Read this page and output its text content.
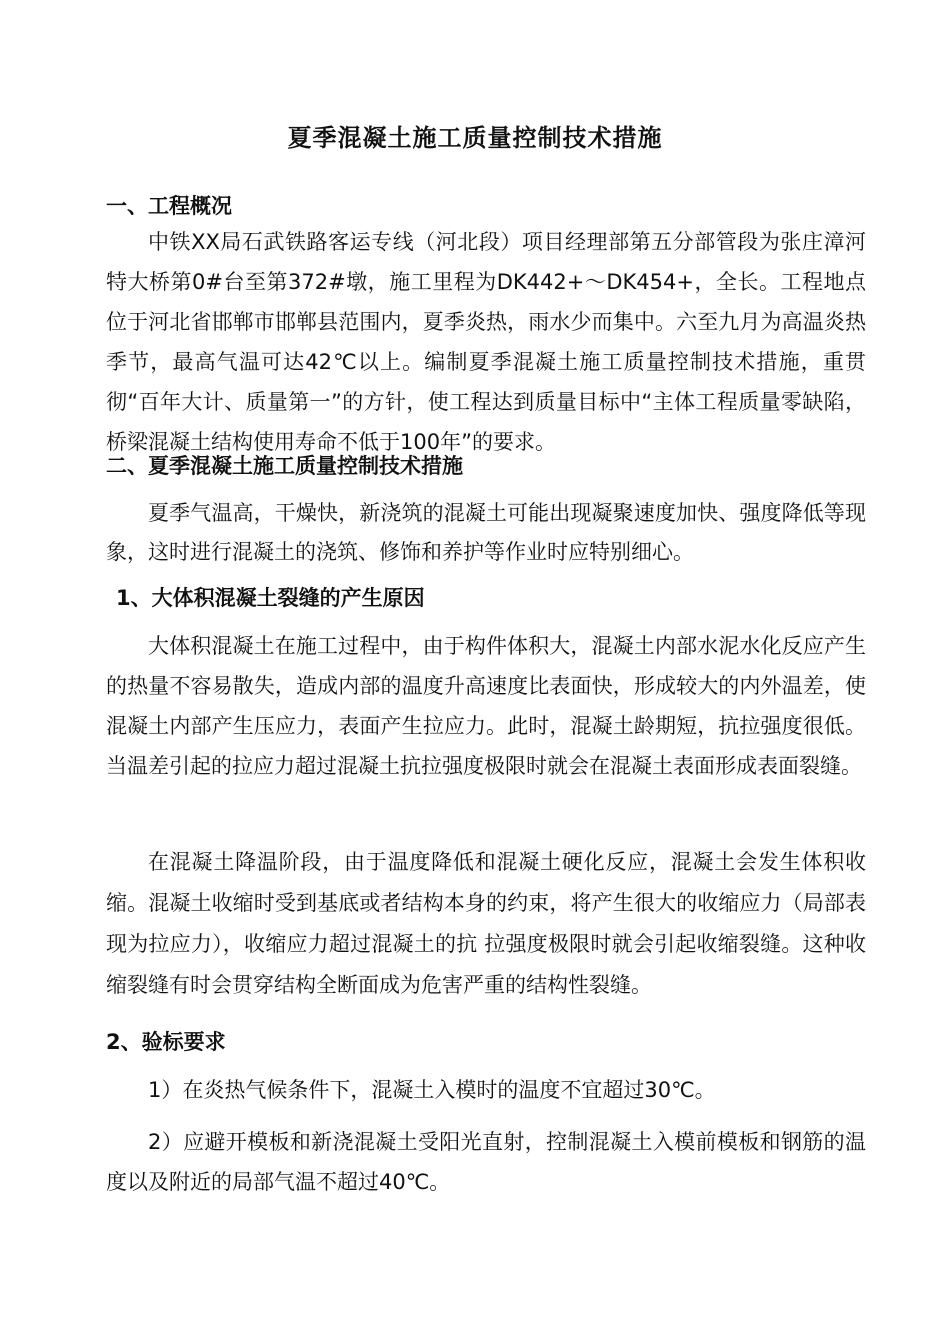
夏季混凝土施工质量控制技术措施
一、工程概况

中铁XX局石武铁路客运专线（河北段）项目经理部第五分部管段为张庄漳河特大桥第0#台至第372#墩，施工里程为DK442+～DK454+，全长。工程地点位于河北省邯郸市邯郸县范围内，夏季炎热，雨水少而集中。六至九月为高温炎热季节，最高气温可达42℃以上。编制夏季混凝土施工质量控制技术措施，重贯彻“百年大计、质量第一”的方针，使工程达到质量目标中“主体工程质量零缺陷，桥梁混凝土结构使用寿命不低于100年”的要求。

二、夏季混凝土施工质量控制技术措施

夏季气温高，干燥快，新浇筑的混凝土可能出现凝聚速度加快、强度降低等现象，这时进行混凝土的浇筑、修饰和养护等作业时应特别细心。

1、大体积混凝土裂缝的产生原因

大体积混凝土在施工过程中，由于构件体积大，混凝土内部水泥水化反应产生的热量不容易散失，造成内部的温度升高速度比表面快，形成较大的内外温差，使混凝土内部产生压应力，表面产生拉应力。此时，混凝土龄期短，抗拉强度很低。当温差引起的拉应力超过混凝土抗拉强度极限时就会在混凝土表面形成表面裂缝。

在混凝土降温阶段，由于温度降低和混凝土硬化反应，混凝土会发生体积收缩。混凝土收缩时受到基底或者结构本身的约束，将产生很大的收缩应力（局部表现为拉应力），收缩应力超过混凝土的抗 拉强度极限时就会引起收缩裂缝。这种收缩裂缝有时会贯穿结构全断面成为危害严重的结构性裂缝。

2、验标要求

1）在炎热气候条件下，混凝土入模时的温度不宜超过30℃。

2）应避开模板和新浇混凝土受阳光直射，控制混凝土入模前模板和钢筋的温度以及附近的局部气温不超过40℃。
